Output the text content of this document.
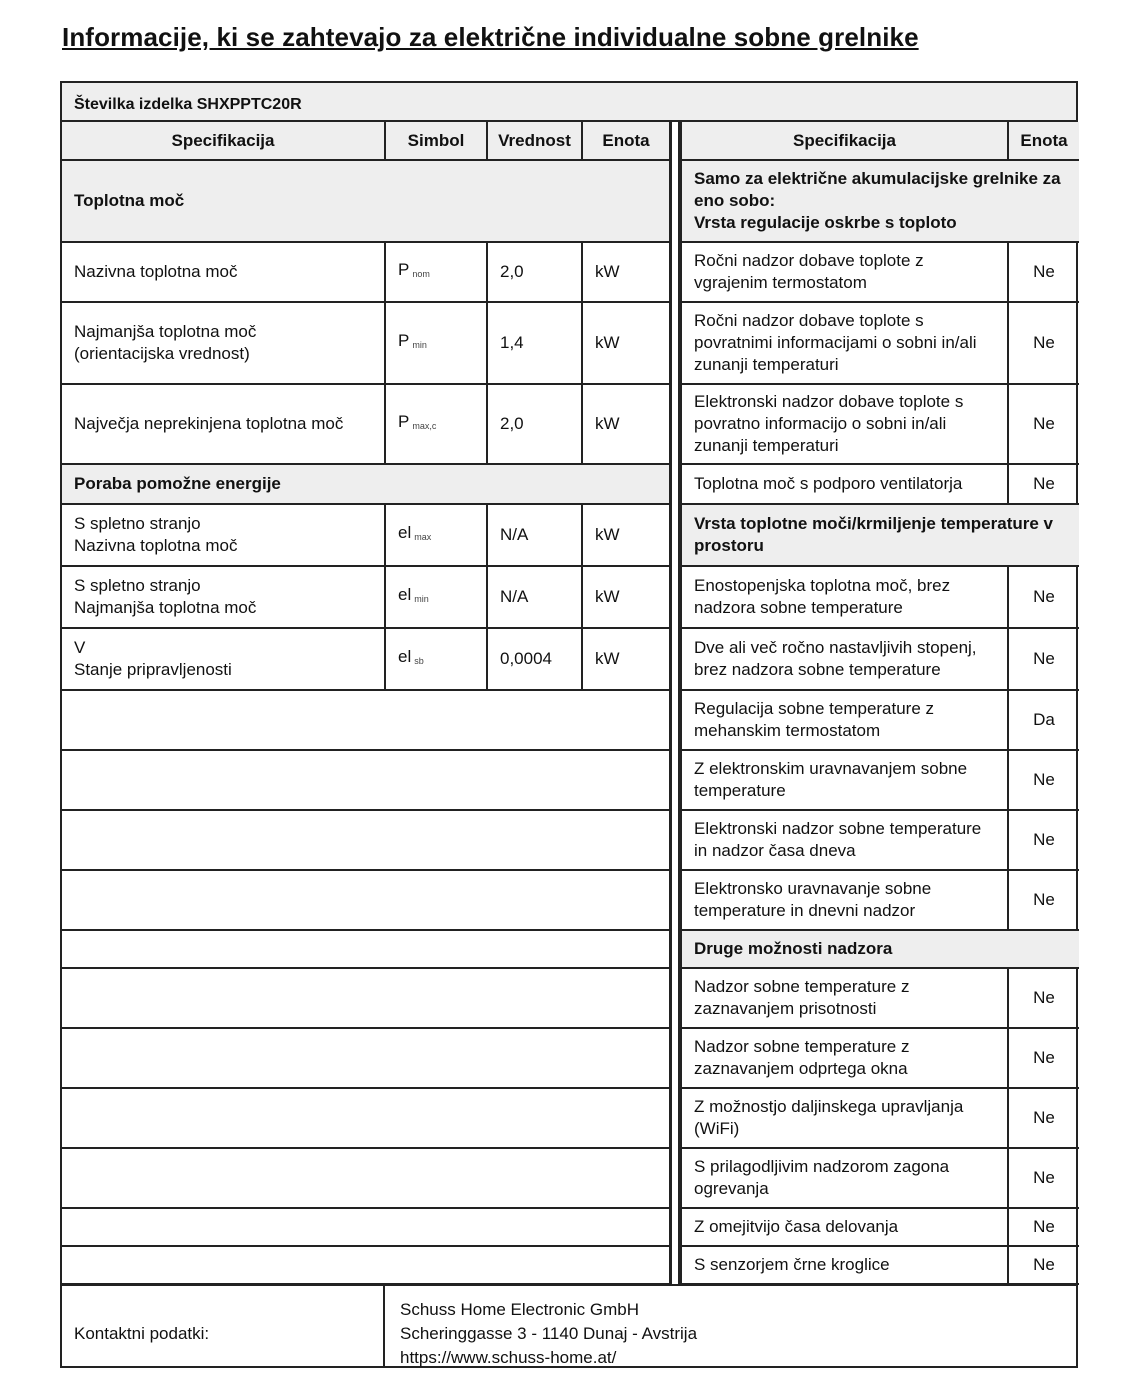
Informacije, ki se zahtevajo za električne individualne sobne grelnike
Številka izdelka SHXPPTC20R
Specifikacija	Simbol	Vrednost	Enota
Toplotna moč
Nazivna toplotna moč	P $_{nom}$	2,0	kW
Najmanjša toplotna moč
(orientacijska vrednost)	P $_{min}$	1,4	kW
Največja neprekinjena toplotna moč	P $_{max,c}$	2,0	kW
Poraba pomožne energije
S spletno stranjo
Nazivna toplotna moč	el $_{max}$	N/A	kW
S spletno stranjo
Najmanjša toplotna moč	el $_{min}$	N/A	kW
V
Stanje pripravljenosti	el $_{sb}$	0,0004	kW

Specifikacija	Enota
Samo za električne akumulacijske grelnike za eno sobo:
Vrsta regulacije oskrbe s toploto
Ročni nadzor dobave toplote z vgrajenim termostatom	Ne
Ročni nadzor dobave toplote s povratnimi informacijami o sobni in/ali zunanji temperaturi	Ne
Elektronski nadzor dobave toplote s povratno informacijo o sobni in/ali zunanji temperaturi	Ne
Toplotna moč s podporo ventilatorja	Ne
Vrsta toplotne moči/krmiljenje temperature v prostoru
Enostopenjska toplotna moč, brez nadzora sobne temperature	Ne
Dve ali več ročno nastavljivih stopenj, brez nadzora sobne temperature	Ne
Regulacija sobne temperature z mehanskim termostatom	Da
Z elektronskim uravnavanjem sobne temperature	Ne
Elektronski nadzor sobne temperature in nadzor časa dneva	Ne
Elektronsko uravnavanje sobne temperature in dnevni nadzor	Ne
Druge možnosti nadzora
Nadzor sobne temperature z zaznavanjem prisotnosti	Ne
Nadzor sobne temperature z zaznavanjem odprtega okna	Ne
Z možnostjo daljinskega upravljanja (WiFi)	Ne
S prilagodljivim nadzorom zagona ogrevanja	Ne
Z omejitvijo časa delovanja	Ne
S senzorjem črne kroglice	Ne
Kontaktni podatki:
Schuss Home Electronic GmbH
Scheringgasse 3 - 1140 Dunaj - Avstrija
https://www.schuss-home.at/
